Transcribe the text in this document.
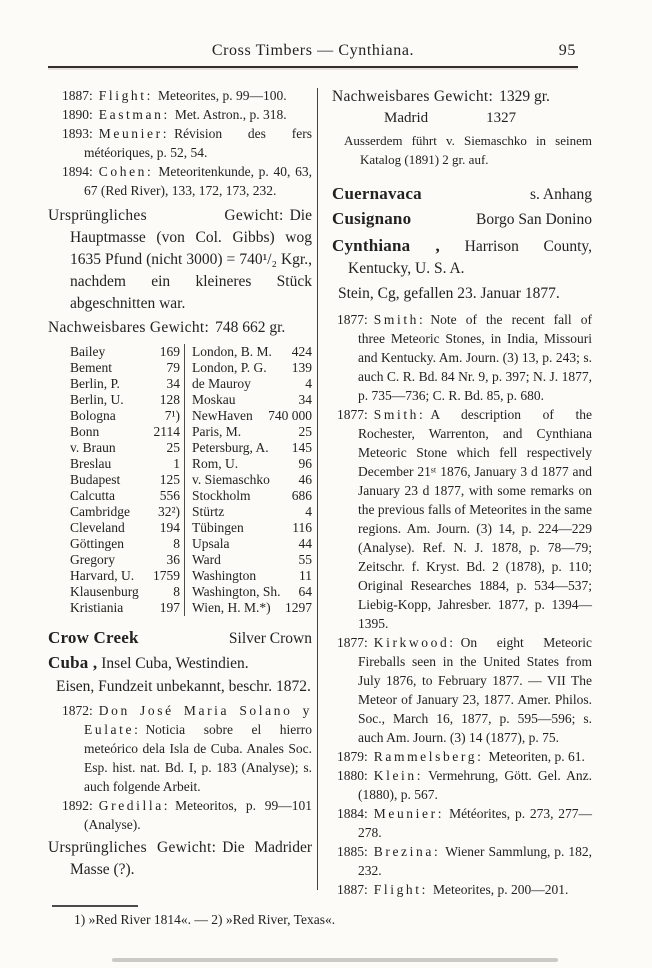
Cross Timbers — Cynthiana.	95

1887: Flight: Meteorites, p. 99—100.

1890: Eastman: Met. Astron., p. 318.

1893: Meunier: Révision des fers météoriques, p. 52, 54.

1894: Cohen: Meteoritenkunde, p. 40, 63, 67 (Red River), 133, 172, 173, 232.

Ursprüngliches Gewicht: Die Hauptmasse (von Col. Gibbs) wog 1635 Pfund (nicht 3000) = 740¹/₂ Kgr., nachdem ein kleineres Stück abgeschnitten war.

Nachweisbares Gewicht: 748 662 gr.

Bailey	169 London, B. M.	424
Bement	79 London, P. G.	139
Berlin, P.	34 de Mauroy	4
Berlin, U.	128 Moskau	34
Bologna	7¹) NewHaven	740 000
Bonn	2114 Paris, M.	25
v. Braun	25 Petersburg, A.	145
Breslau	1 Rom, U.	96
Budapest	125 v. Siemaschko	46
Calcutta	556 Stockholm	686
Cambridge	32²) Stürtz	4
Cleveland	194 Tübingen	116
Göttingen	8 Upsala	44
Gregory	36 Ward	55
Harvard, U.	1759 Washington	11
Klausenburg	8 Washington, Sh.	64
Kristiania	197 Wien, H. M.*)	1297
Crow Creek	Silver Crown

Cuba , Insel Cuba, Westindien.

Eisen, Fundzeit unbekannt, beschr. 1872.

1872: Don José Maria Solano y Eulate: Noticia sobre el hierro meteórico dela Isla de Cuba. Anales Soc. Esp. hist. nat. Bd. I, p. 183 (Analyse); s. auch folgende Arbeit.

1892: Gredilla: Meteoritos, p. 99—101 (Analyse).

Ursprüngliches Gewicht: Die Madrider Masse (?).

Nachweisbares Gewicht: 1329 gr.

Madrid	1327

Ausserdem führt v. Siemaschko in seinem Katalog (1891) 2 gr. auf.

Cuernavaca	s. Anhang
Cusignano	Borgo San Donino

Cynthiana , Harrison County, Kentucky, U. S. A.

Stein, Cg, gefallen 23. Januar 1877.

1877: Smith: Note of the recent fall of three Meteoric Stones, in India, Missouri and Kentucky. Am. Journ. (3) 13, p. 243; s. auch C. R. Bd. 84 Nr. 9, p. 397; N. J. 1877, p. 735—736; C. R. Bd. 85, p. 680.

1877: Smith: A description of the Rochester, Warrenton, and Cynthiana Meteoric Stone which fell respectively December 21ˢᵗ 1876, January 3 d 1877 and January 23 d 1877, with some remarks on the previous falls of Meteorites in the same regions. Am. Journ. (3) 14, p. 224—229 (Analyse). Ref. N. J. 1878, p. 78—79; Zeitschr. f. Kryst. Bd. 2 (1878), p. 110; Original Researches 1884, p. 534—537; Liebig-Kopp, Jahresber. 1877, p. 1394—1395.

1877: Kirkwood: On eight Meteoric Fireballs seen in the United States from July 1876, to February 1877. — VII The Meteor of January 23, 1877. Amer. Philos. Soc., March 16, 1877, p. 595—596; s. auch Am. Journ. (3) 14 (1877), p. 75.

1879: Rammelsberg: Meteoriten, p. 61.

1880: Klein: Vermehrung, Gött. Gel. Anz. (1880), p. 567.

1884: Meunier: Météorites, p. 273, 277—278.

1885: Brezina: Wiener Sammlung, p. 182, 232.

1887: Flight: Meteorites, p. 200—201.

1) »Red River 1814«. — 2) »Red River, Texas«.
